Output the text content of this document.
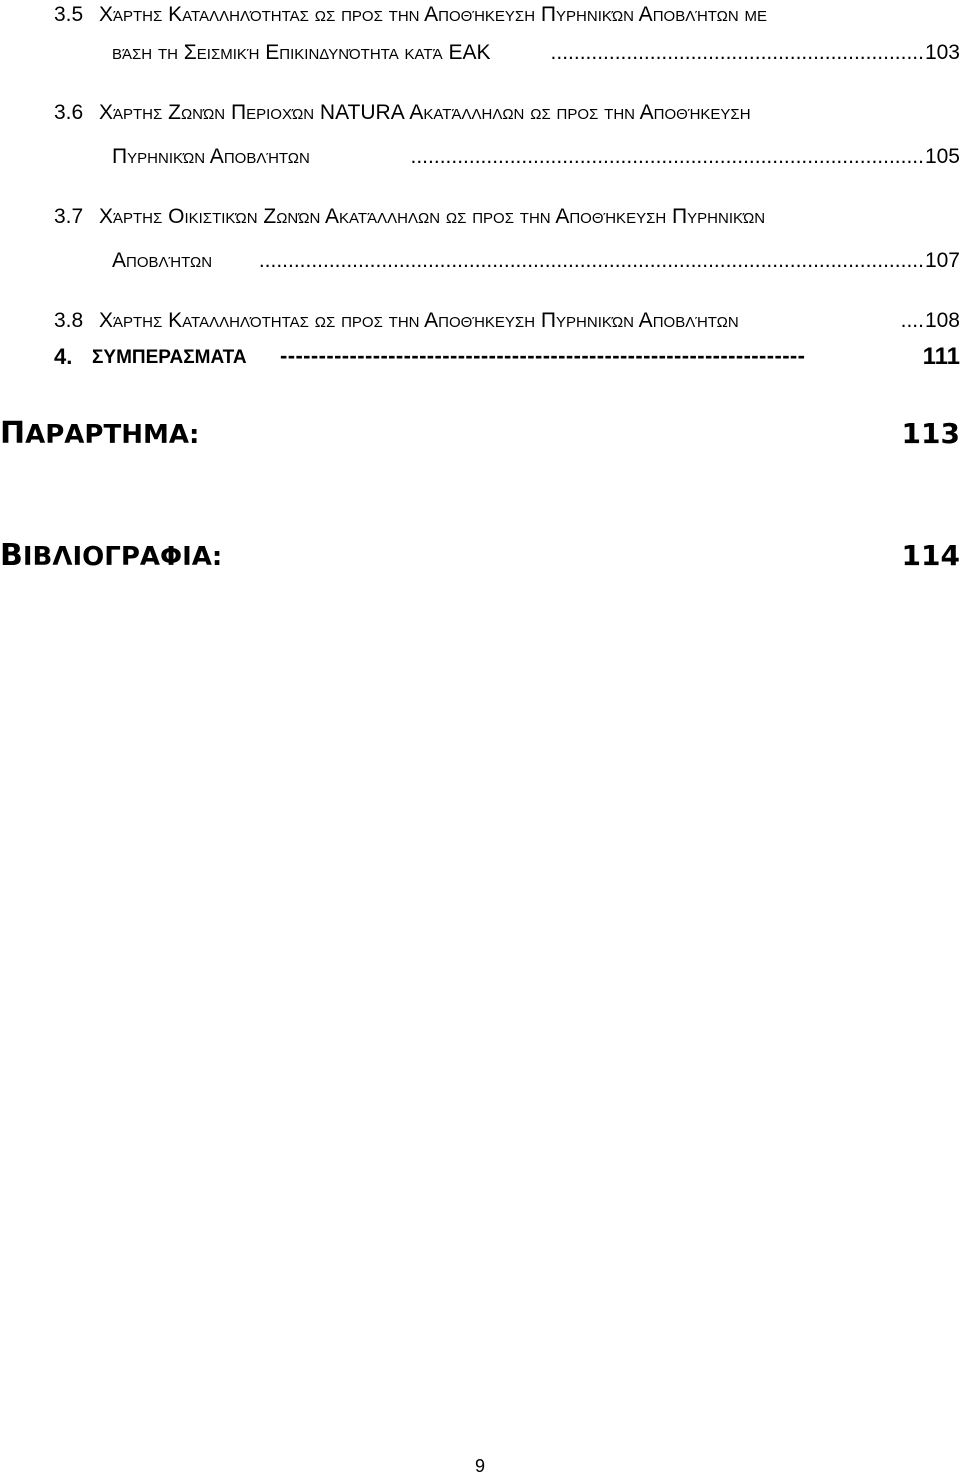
3.5 Χάρτης Καταλληλότητας ως προς την Αποθήκευση Πυρηνικών Αποβλήτων με
βάση τη Σεισμική Επικινδυνότητα κατά ΕΑΚ	................................................................ 103
3.6 Χάρτης Ζωνών Περιοχών NATURA Ακατάλληλων ως προς την Αποθήκευση
Πυρηνικών Αποβλήτων	........................................................................................ 105
3.7 Χάρτης Οικιστικών Ζωνών Ακατάλληλων ως προς την Αποθήκευση Πυρηνικών
Αποβλήτων .................................................................................................................. 107
3.8 Χάρτης Καταλληλότητας ως προς την Αποθήκευση Πυρηνικών Αποβλήτων	.... 108
4. ΣΥΜΠΕΡΑΣΜΑΤΑ --------------------------------------------------------------------	111
ΠΑΡΑΡΤΗΜΑ:	113
ΒΙΒΛΙΟΓΡΑΦΙΑ:	114
9
